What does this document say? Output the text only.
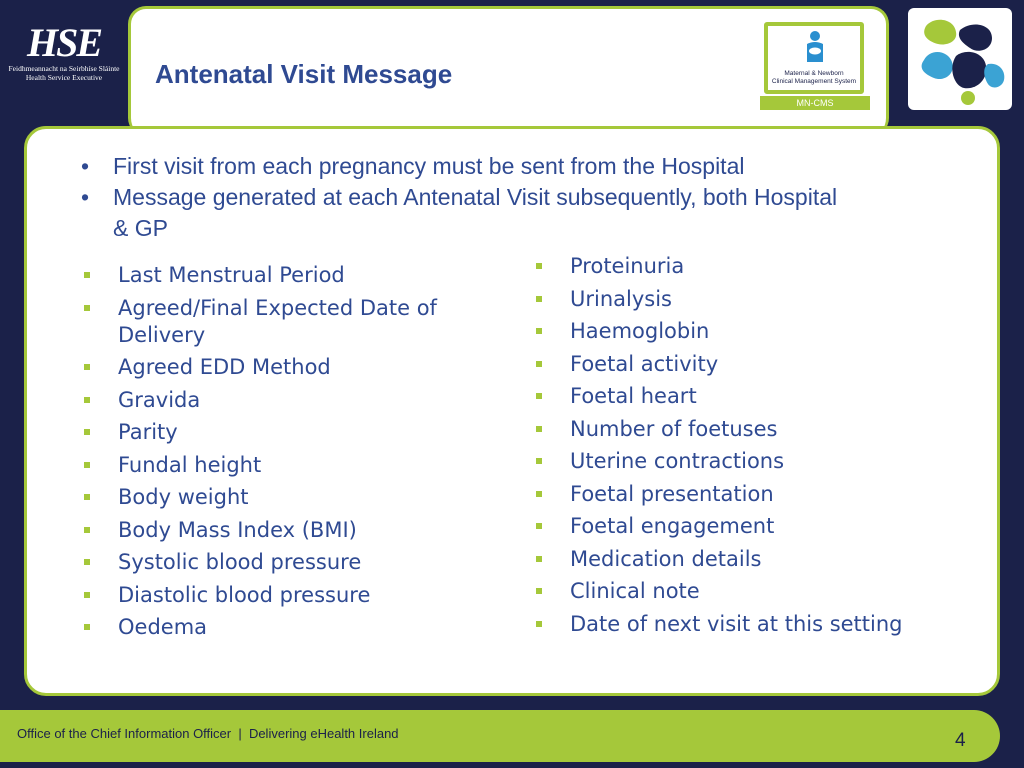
HSE
Feidhmeannacht na Seirbhíse Sláinte
Health Service Executive	Antenatal Visit Message	Maternal & Newborn
Clinical Management System
MN-CMS
• First visit from each pregnancy must be sent from the Hospital
• Message generated at each Antenatal Visit subsequently, both Hospital & GP
Last Menstrual Period
Agreed/Final Expected Date of Delivery
Agreed EDD Method
Gravida
Parity
Fundal height
Body weight
Body Mass Index (BMI)
Systolic blood pressure
Diastolic blood pressure
Oedema
Proteinuria
Urinalysis
Haemoglobin
Foetal activity
Foetal heart
Number of foetuses
Uterine contractions
Foetal presentation
Foetal engagement
Medication details
Clinical note
Date of next visit at this setting
Office of the Chief Information Officer  |  Delivering eHealth Ireland	4
